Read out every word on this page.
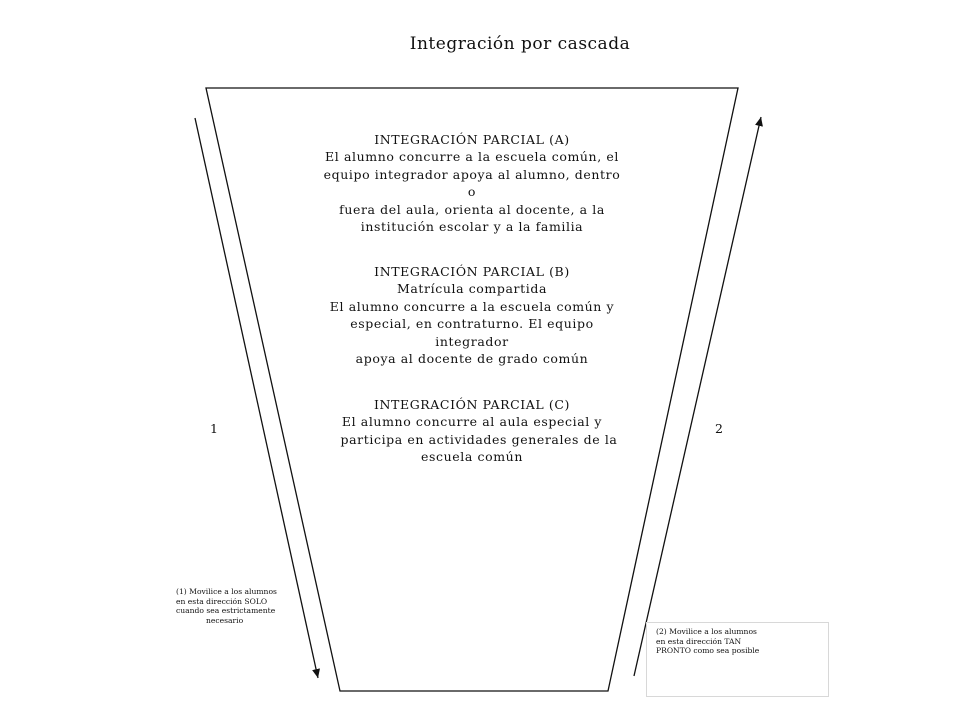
Integración por cascada
INTEGRACIÓN PARCIAL (A)
El alumno concurre a la escuela común, el
equipo integrador apoya al alumno, dentro
o
fuera del aula, orienta al docente, a la
institución escolar y a la familia
INTEGRACIÓN PARCIAL (B)
Matrícula compartida
El alumno concurre a la escuela común y
especial, en contraturno. El equipo
integrador
apoya al docente de grado común
INTEGRACIÓN PARCIAL (C)
El alumno concurre al aula especial y
participa en actividades generales de la
escuela común
1	2
(1) Movilice a los alumnos
en esta dirección SOLO
cuando sea estrictamente
necesario
(2) Movilice a los alumnos
en esta dirección TAN
PRONTO como sea posible
